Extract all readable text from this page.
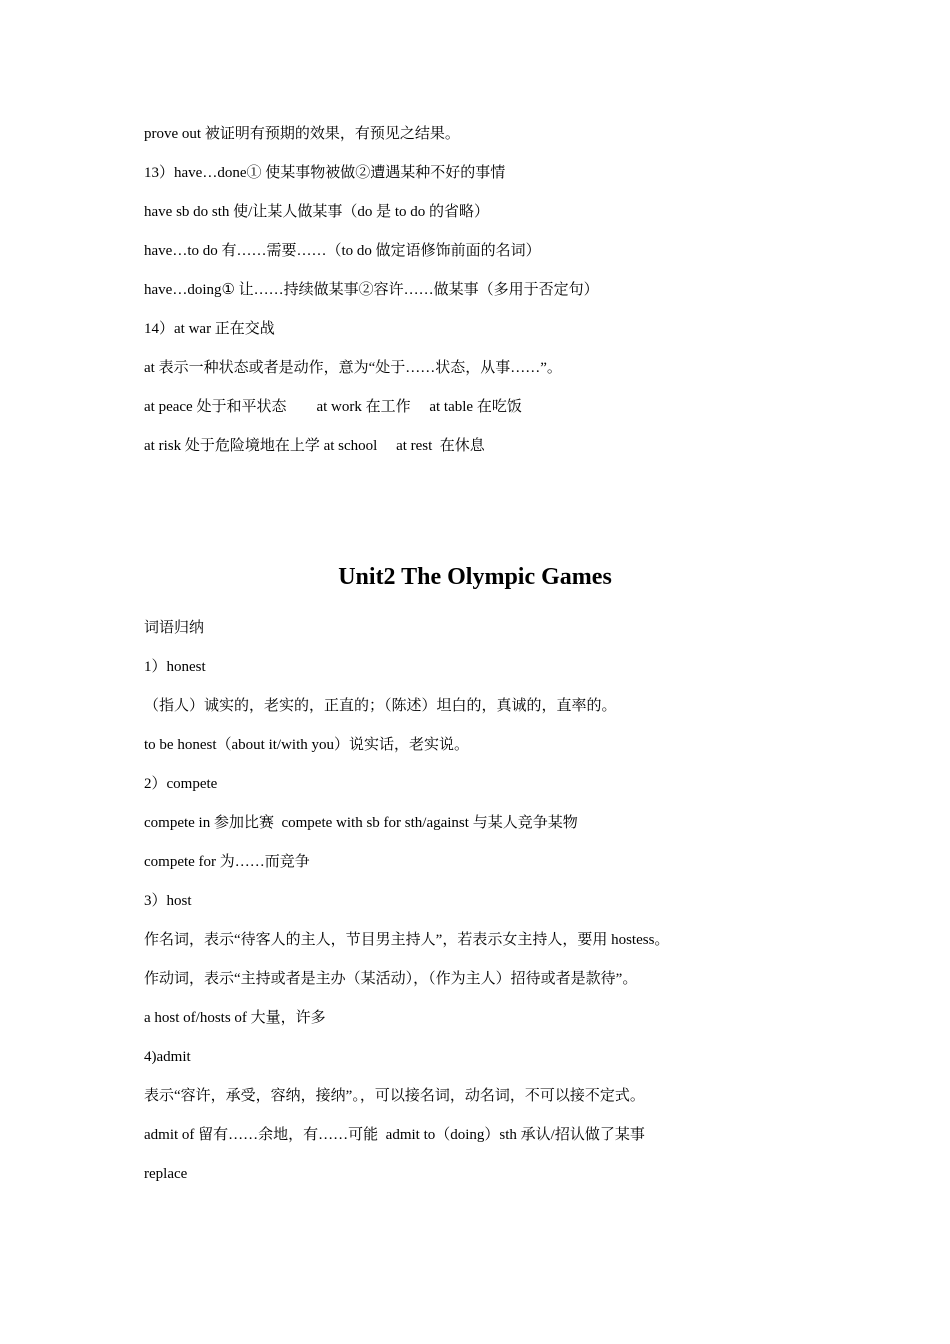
prove out 被证明有预期的效果，有预见之结果。
13）have…done① 使某事物被做②遭遇某种不好的事情
have sb do sth 使/让某人做某事（do 是 to do 的省略）
have…to do 有……需要……（to do 做定语修饰前面的名词）
have…doing① 让……持续做某事②容许……做某事（多用于否定句）
14）at war 正在交战
at 表示一种状态或者是动作，意为“处于……状态，从事……”。
at peace 处于和平状态        at work 在工作     at table 在吃饭
at risk 处于危险境地在上学 at school     at rest  在休息
Unit2 The Olympic Games
词语归纳
1）honest
（指人）诚实的，老实的，正直的；（陈述）坦白的，真诚的，直率的。
to be honest（about it/with you）说实话，老实说。
2）compete
compete in 参加比赛  compete with sb for sth/against 与某人竞争某物
compete for 为……而竞争
3）host
作名词，表示“待客人的主人，节目男主持人”，若表示女主持人，要用 hostess。
作动词，表示“主持或者是主办（某活动），（作为主人）招待或者是款待”。
a host of/hosts of 大量，许多
4)admit
表示“容许，承受，容纳，接纳”。，可以接名词，动名词，不可以接不定式。
admit of 留有……余地，有……可能  admit to（doing）sth 承认/招认做了某事
replace
